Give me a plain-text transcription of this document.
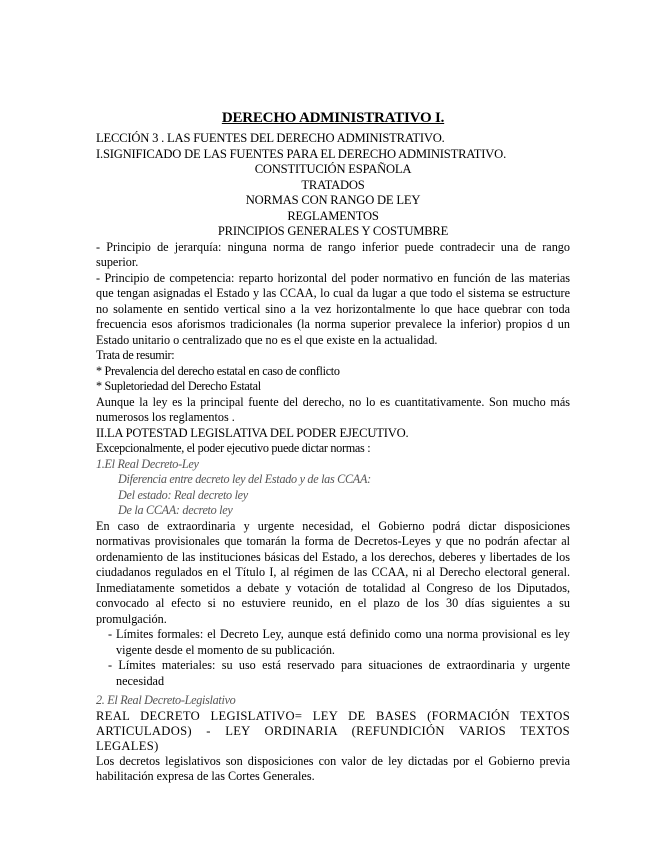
DERECHO ADMINISTRATIVO I.

LECCIÓN 3 . LAS FUENTES DEL DERECHO ADMINISTRATIVO.

I.SIGNIFICADO DE LAS FUENTES PARA EL DERECHO ADMINISTRATIVO.

CONSTITUCIÓN ESPAÑOLA

TRATADOS

NORMAS CON RANGO DE LEY

REGLAMENTOS

PRINCIPIOS GENERALES Y COSTUMBRE

- Principio de jerarquía: ninguna norma de rango inferior puede contradecir una de rango superior.

- Principio de competencia: reparto horizontal del poder normativo en función de las materias que tengan asignadas el Estado y las CCAA, lo cual da lugar a que todo el sistema se estructure no solamente en sentido vertical sino a la vez horizontalmente lo que hace quebrar con toda frecuencia esos aforismos tradicionales (la norma superior prevalece la inferior) propios d un Estado unitario o centralizado que no es el que existe en la actualidad.

Trata de resumir:

* Prevalencia del derecho estatal en caso de conflicto

* Supletoriedad del Derecho Estatal

Aunque la ley es la principal fuente del derecho, no lo es cuantitativamente. Son mucho más numerosos los reglamentos .

II.LA POTESTAD LEGISLATIVA DEL PODER EJECUTIVO.

Excepcionalmente, el poder ejecutivo puede dictar normas :

1.El Real Decreto-Ley

Diferencia entre decreto ley del Estado y de las CCAA:

Del estado: Real decreto ley

De la CCAA: decreto ley

En caso de extraordinaria y urgente necesidad, el Gobierno podrá dictar disposiciones normativas provisionales que tomarán la forma de Decretos-Leyes y que no podrán afectar al ordenamiento de las instituciones básicas del Estado, a los derechos, deberes y libertades de los ciudadanos regulados en el Título I, al régimen de las CCAA, ni al Derecho electoral general. Inmediatamente sometidos a debate y votación de totalidad al Congreso de los Diputados, convocado al efecto si no estuviere reunido, en el plazo de los 30 días siguientes a su promulgación.

- Límites formales: el Decreto Ley, aunque está definido como una norma provisional es ley vigente desde el momento de su publicación.

- Límites materiales: su uso está reservado para situaciones de extraordinaria y urgente necesidad

2. El Real Decreto-Legislativo

REAL DECRETO LEGISLATIVO= LEY DE BASES (FORMACIÓN TEXTOS ARTICULADOS) - LEY ORDINARIA (REFUNDICIÓN VARIOS TEXTOS LEGALES)

Los decretos legislativos son disposiciones con valor de ley dictadas por el Gobierno previa habilitación expresa de las Cortes Generales.
